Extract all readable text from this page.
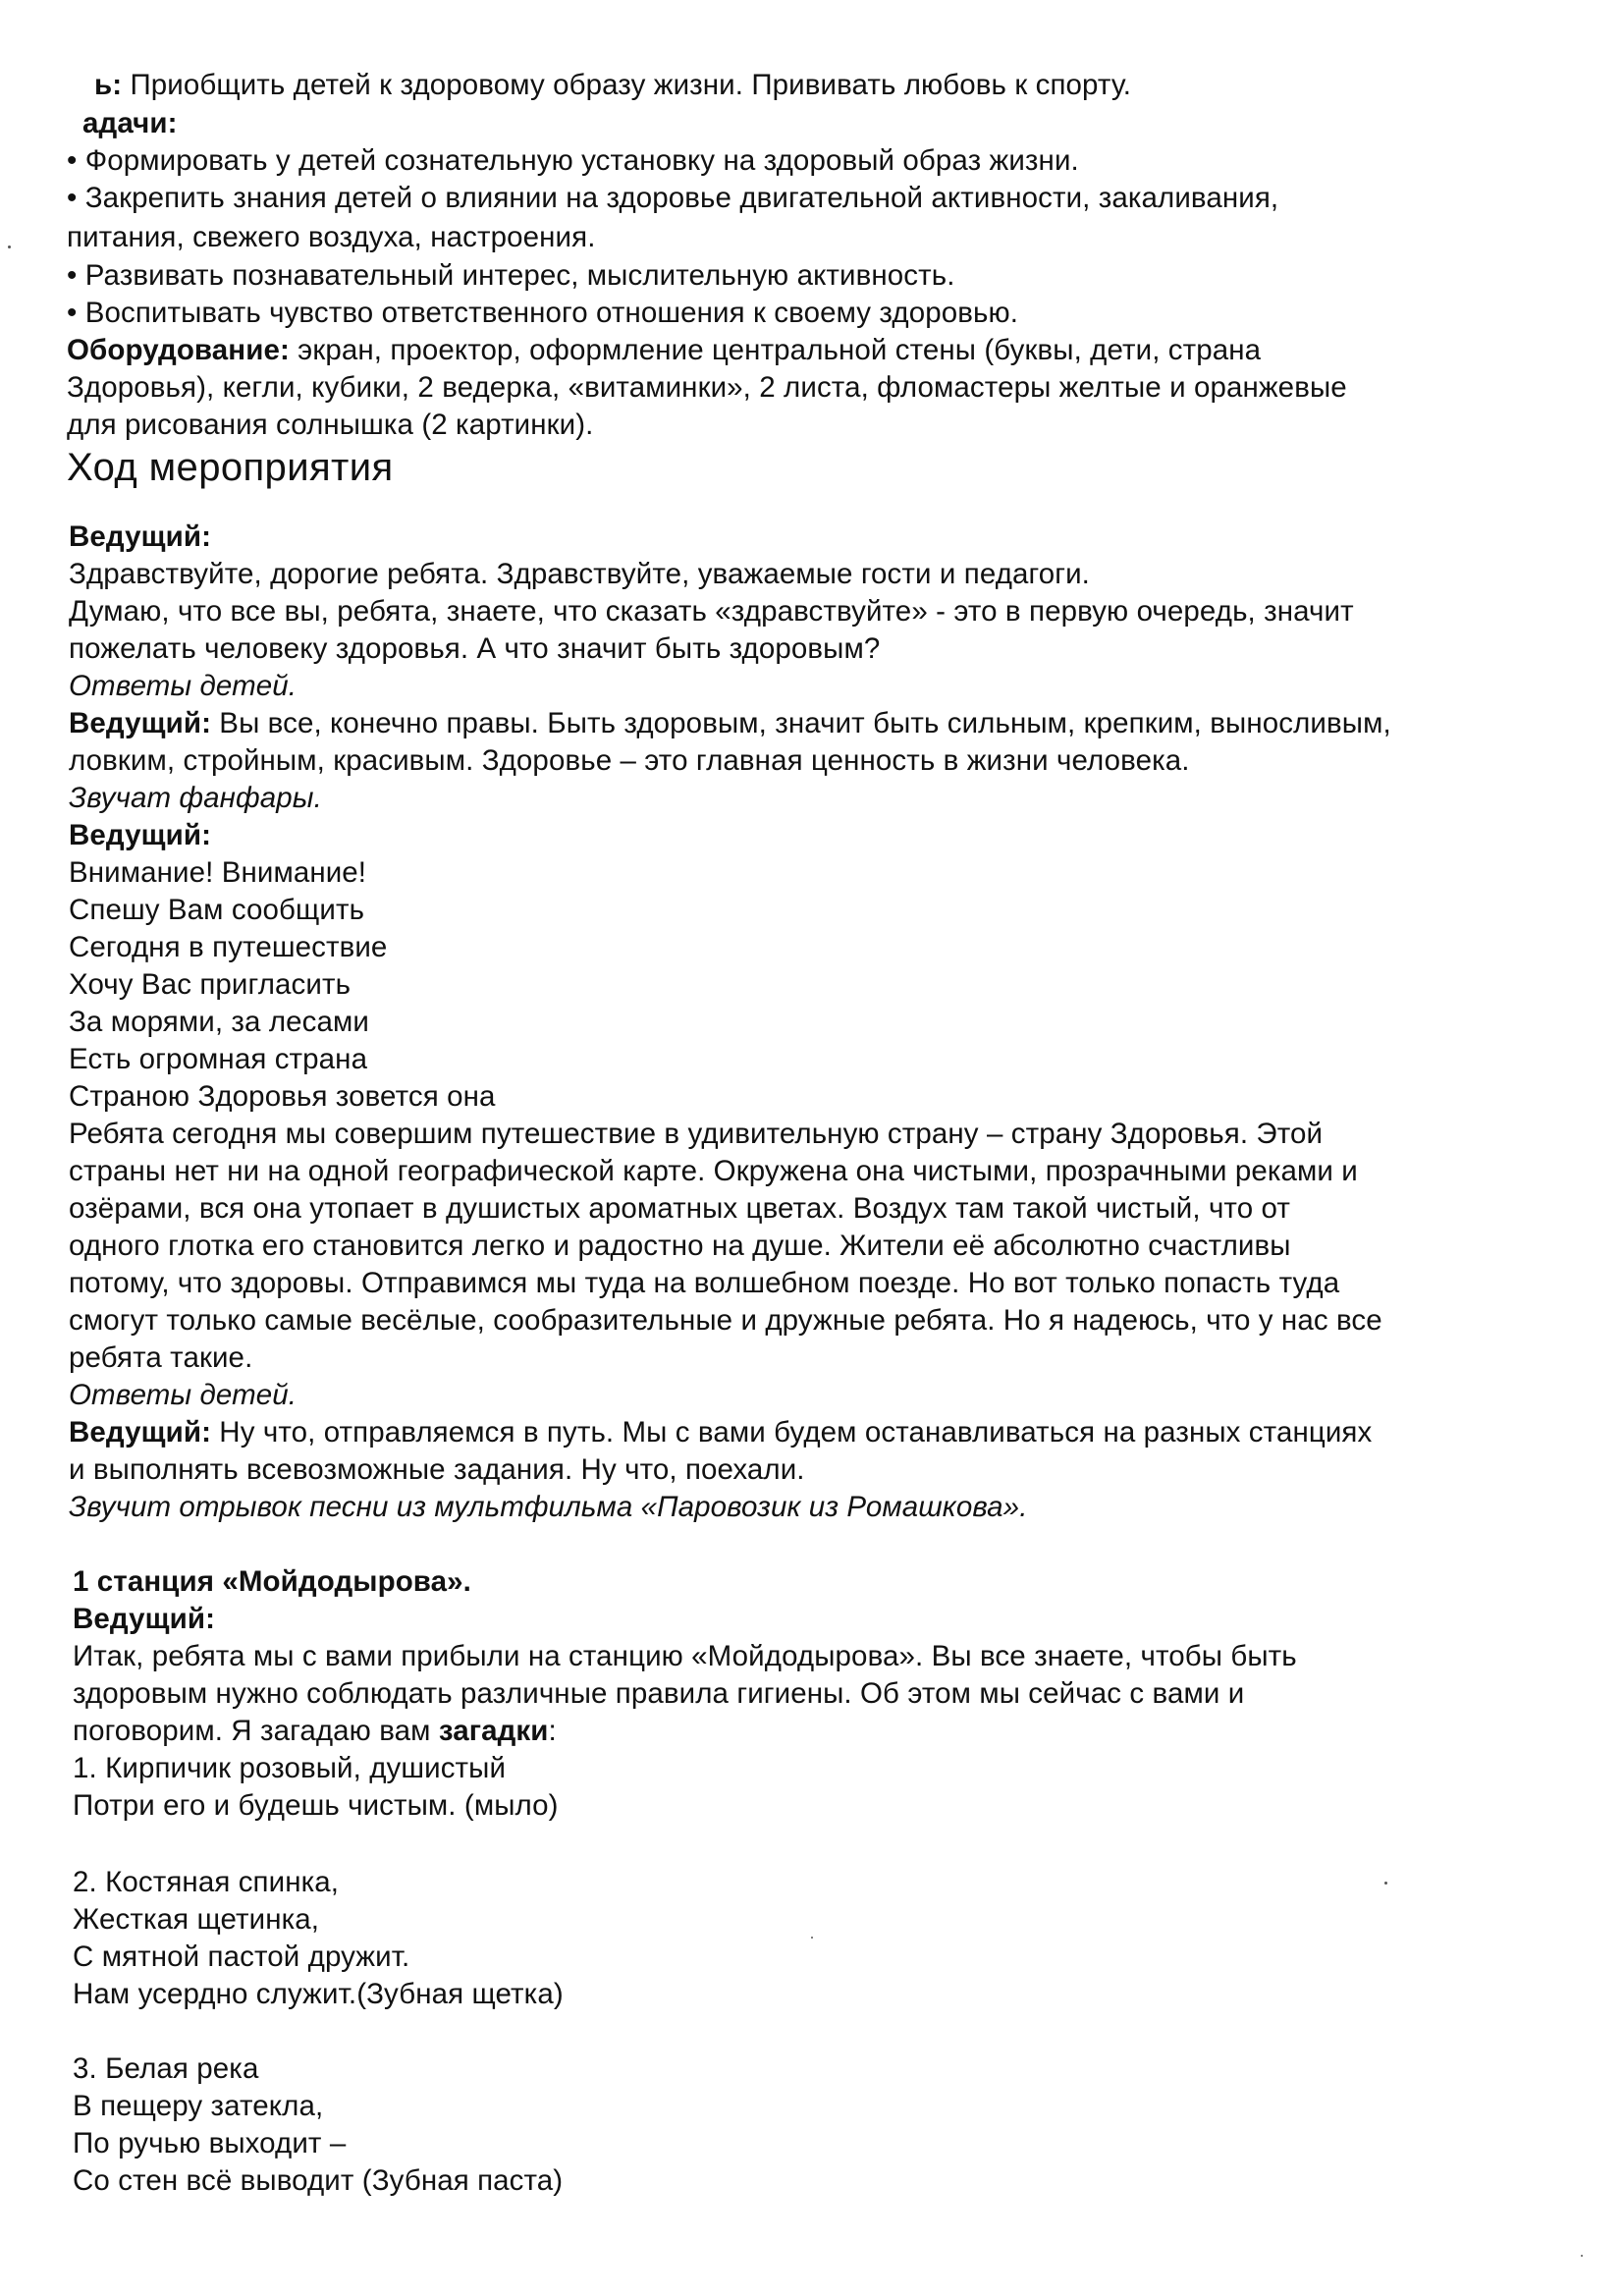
ь: Приобщить детей к здоровому образу жизни. Прививать любовь к спорту.
адачи:
• Формировать у детей сознательную установку на здоровый образ жизни.
• Закрепить знания детей о влиянии на здоровье двигательной активности, закаливания,
питания, свежего воздуха, настроения.
• Развивать познавательный интерес, мыслительную активность.
• Воспитывать чувство ответственного отношения к своему здоровью.
Оборудование: экран, проектор, оформление центральной стены (буквы, дети, страна
Здоровья), кегли, кубики, 2 ведерка, «витаминки», 2 листа, фломастеры желтые и оранжевые
для рисования солнышка (2 картинки).
Ход мероприятия
Ведущий:
Здравствуйте, дорогие ребята. Здравствуйте, уважаемые гости и педагоги.
Думаю, что все вы, ребята, знаете, что сказать «здравствуйте» - это в первую очередь, значит
пожелать человеку здоровья. А что значит быть здоровым?
Ответы детей.
Ведущий: Вы все, конечно правы. Быть здоровым, значит быть сильным, крепким, выносливым,
ловким, стройным, красивым. Здоровье – это главная ценность в жизни человека.
Звучат фанфары.
Ведущий:
Внимание! Внимание!
Спешу Вам сообщить
Сегодня в путешествие
Хочу Вас пригласить
За морями, за лесами
Есть огромная страна
Страною Здоровья зовется она
Ребята сегодня мы совершим путешествие в удивительную страну – страну Здоровья. Этой
страны нет ни на одной географической карте. Окружена она чистыми, прозрачными реками и
озёрами, вся она утопает в душистых ароматных цветах. Воздух там такой чистый, что от
одного глотка его становится легко и радостно на душе. Жители её абсолютно счастливы
потому, что здоровы. Отправимся мы туда на волшебном поезде. Но вот только попасть туда
смогут только самые весёлые, сообразительные и дружные ребята. Но я надеюсь, что у нас все
ребята такие.
Ответы детей.
Ведущий: Ну что, отправляемся в путь. Мы с вами будем останавливаться на разных станциях
и выполнять всевозможные задания. Ну что, поехали.
Звучит отрывок песни из мультфильма «Паровозик из Ромашкова».
1 станция «Мойдодырова».
Ведущий:
Итак, ребята мы с вами прибыли на станцию «Мойдодырова». Вы все знаете, чтобы быть
здоровым нужно соблюдать различные правила гигиены. Об этом мы сейчас с вами и
поговорим. Я загадаю вам загадки:
1. Кирпичик розовый, душистый
Потри его и будешь чистым. (мыло)
2. Костяная спинка,
Жесткая щетинка,
С мятной пастой дружит.
Нам усердно служит.(Зубная щетка)
3. Белая река
В пещеру затекла,
По ручью выходит –
Со стен всё выводит (Зубная паста)
